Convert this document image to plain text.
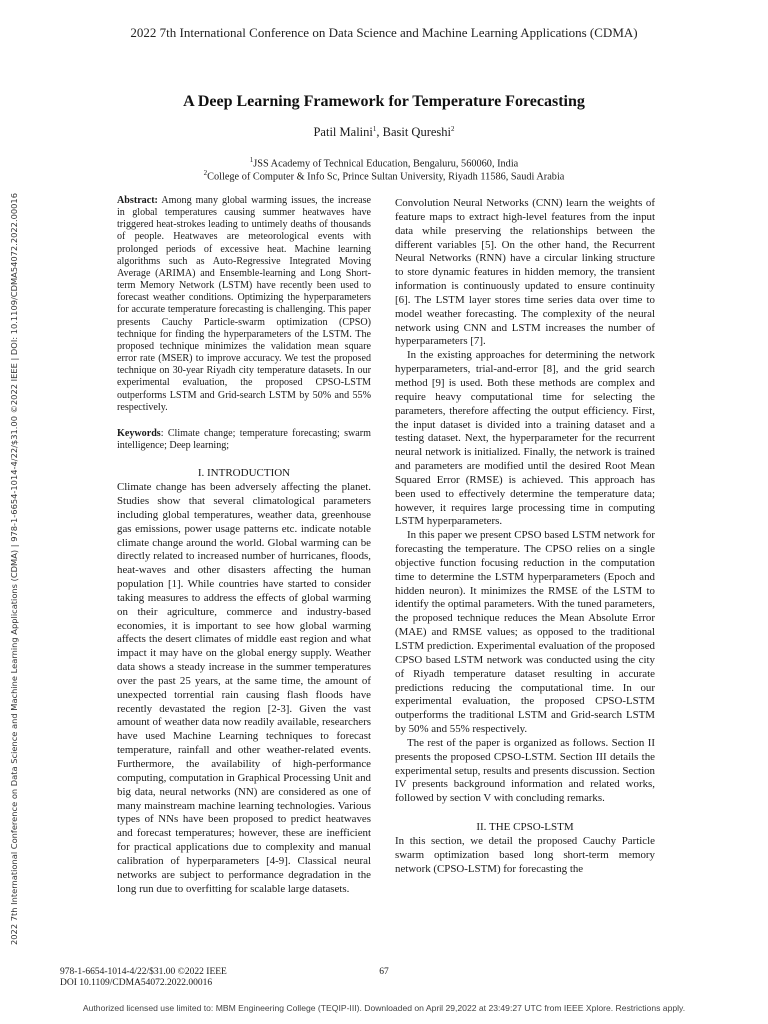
2022 7th International Conference on Data Science and Machine Learning Applications (CDMA)
2022 7th International Conference on Data Science and Machine Learning Applications (CDMA) | 978-1-6654-1014-4/22/$31.00 ©2022 IEEE | DOI: 10.1109/CDMA54072.2022.00016
A Deep Learning Framework for Temperature Forecasting
Patil Malini$^1$, Basit Qureshi$^2$
$^1$JSS Academy of Technical Education, Bengaluru, 560060, India
$^2$College of Computer & Info Sc, Prince Sultan University, Riyadh 11586, Saudi Arabia

Abstract: Among many global warming issues, the increase in global temperatures causing summer heatwaves have triggered heat-strokes leading to untimely deaths of thousands of people. Heatwaves are meteorological events with prolonged periods of excessive heat. Machine learning algorithms such as Auto-Regressive Integrated Moving Average (ARIMA) and Ensemble-learning and Long Short-term Memory Network (LSTM) have recently been used to forecast weather conditions. Optimizing the hyperparameters for accurate temperature forecasting is challenging. This paper presents Cauchy Particle-swarm optimization (CPSO) technique for finding the hyperparameters of the LSTM. The proposed technique minimizes the validation mean square error rate (MSER) to improve accuracy. We test the proposed technique on 30-year Riyadh city temperature datasets. In our experimental evaluation, the proposed CPSO-LSTM outperforms LSTM and Grid-search LSTM by 50% and 55% respectively.

Keywords: Climate change; temperature forecasting; swarm intelligence; Deep learning;

I. INTRODUCTION

Climate change has been adversely affecting the planet. Studies show that several climatological parameters including global temperatures, weather data, greenhouse gas emissions, power usage patterns etc. indicate notable climate change around the world. Global warming can be directly related to increased number of hurricanes, floods, heat-waves and other disasters affecting the human population [1]. While countries have started to consider taking measures to address the effects of global warming on their agriculture, commerce and industry-based economies, it is important to see how global warming affects the desert climates of middle east region and what impact it may have on the global energy supply. Weather data shows a steady increase in the summer temperatures over the past 25 years, at the same time, the amount of unexpected torrential rain causing flash floods have recently devastated the region [2-3]. Given the vast amount of weather data now readily available, researchers have used Machine Learning techniques to forecast temperature, rainfall and other weather-related events. Furthermore, the availability of high-performance computing, computation in Graphical Processing Unit and big data, neural networks (NN) are considered as one of many mainstream machine learning technologies. Various types of NNs have been proposed to predict heatwaves and forecast temperatures; however, these are inefficient for practical applications due to complexity and manual calibration of hyperparameters [4-9]. Classical neural networks are subject to performance degradation in the long run due to overfitting for scalable large datasets.

Convolution Neural Networks (CNN) learn the weights of feature maps to extract high-level features from the input data while preserving the relationships between the different variables [5]. On the other hand, the Recurrent Neural Networks (RNN) have a circular linking structure to store dynamic features in hidden memory, the transient information is continuously updated to ensure continuity [6]. The LSTM layer stores time series data over time to model weather forecasting. The complexity of the neural network using CNN and LSTM increases the number of hyperparameters [7].

In the existing approaches for determining the network hyperparameters, trial-and-error [8], and the grid search method [9] is used. Both these methods are complex and require heavy computational time for selecting the parameters, therefore affecting the output efficiency. First, the input dataset is divided into a training dataset and a testing dataset. Next, the hyperparameter for the recurrent neural network is initialized. Finally, the network is trained and parameters are modified until the desired Root Mean Squared Error (RMSE) is achieved. This approach has been used to effectively determine the temperature data; however, it requires large processing time in computing LSTM hyperparameters.

In this paper we present CPSO based LSTM network for forecasting the temperature. The CPSO relies on a single objective function focusing reduction in the computation time to determine the LSTM hyperparameters (Epoch and hidden neuron). It minimizes the RMSE of the LSTM to identify the optimal parameters. With the tuned parameters, the proposed technique reduces the Mean Absolute Error (MAE) and RMSE values; as opposed to the traditional LSTM prediction. Experimental evaluation of the proposed CPSO based LSTM network was conducted using the city of Riyadh temperature dataset resulting in accurate predictions reducing the computational time. In our experimental evaluation, the proposed CPSO-LSTM outperforms the traditional LSTM and Grid-search LSTM by 50% and 55% respectively.

The rest of the paper is organized as follows. Section II presents the proposed CPSO-LSTM. Section III details the experimental setup, results and presents discussion. Section IV presents background information and related works, followed by section V with concluding remarks.

II. THE CPSO-LSTM

In this section, we detail the proposed Cauchy Particle swarm optimization based long short-term memory network (CPSO-LSTM) for forecasting the

978-1-6654-1014-4/22/$31.00 ©2022 IEEE
DOI 10.1109/CDMA54072.2022.00016
67
Authorized licensed use limited to: MBM Engineering College (TEQIP-III). Downloaded on April 29,2022 at 23:49:27 UTC from IEEE Xplore. Restrictions apply.
